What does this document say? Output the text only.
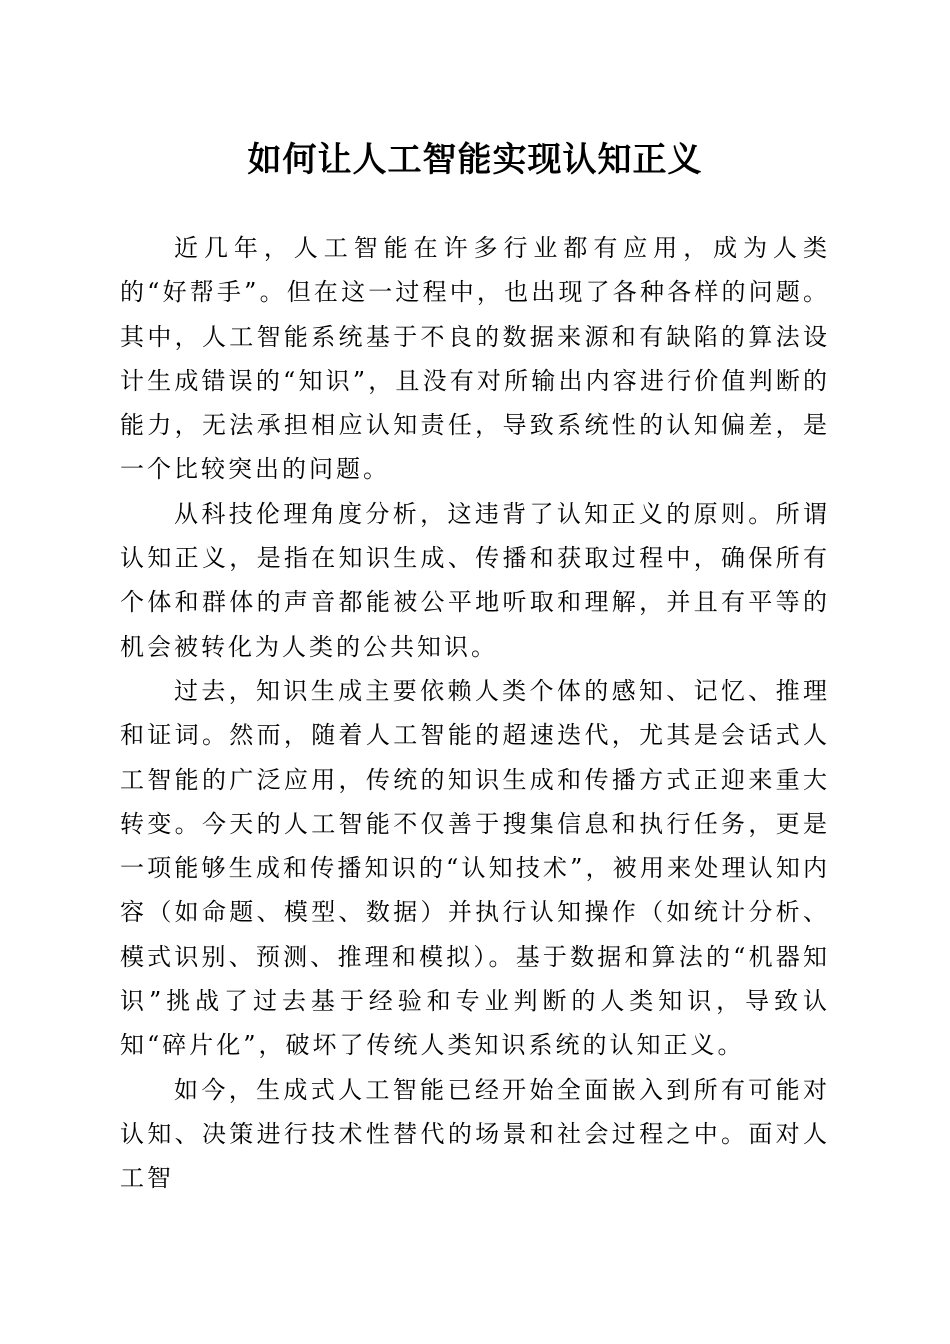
如何让人工智能实现认知正义

近几年，人工智能在许多行业都有应用，成为人类的“好帮手”。但在这一过程中，也出现了各种各样的问题。其中，人工智能系统基于不良的数据来源和有缺陷的算法设计生成错误的“知识”，且没有对所输出内容进行价值判断的能力，无法承担相应认知责任，导致系统性的认知偏差，是一个比较突出的问题。

从科技伦理角度分析，这违背了认知正义的原则。所谓认知正义，是指在知识生成、传播和获取过程中，确保所有个体和群体的声音都能被公平地听取和理解，并且有平等的机会被转化为人类的公共知识。

过去，知识生成主要依赖人类个体的感知、记忆、推理和证词。然而，随着人工智能的超速迭代，尤其是会话式人工智能的广泛应用，传统的知识生成和传播方式正迎来重大转变。今天的人工智能不仅善于搜集信息和执行任务，更是一项能够生成和传播知识的“认知技术”，被用来处理认知内容（如命题、模型、数据）并执行认知操作（如统计分析、模式识别、预测、推理和模拟）。基于数据和算法的“机器知识”挑战了过去基于经验和专业判断的人类知识，导致认知“碎片化”，破坏了传统人类知识系统的认知正义。

如今，生成式人工智能已经开始全面嵌入到所有可能对认知、决策进行技术性替代的场景和社会过程之中。面对人工智
